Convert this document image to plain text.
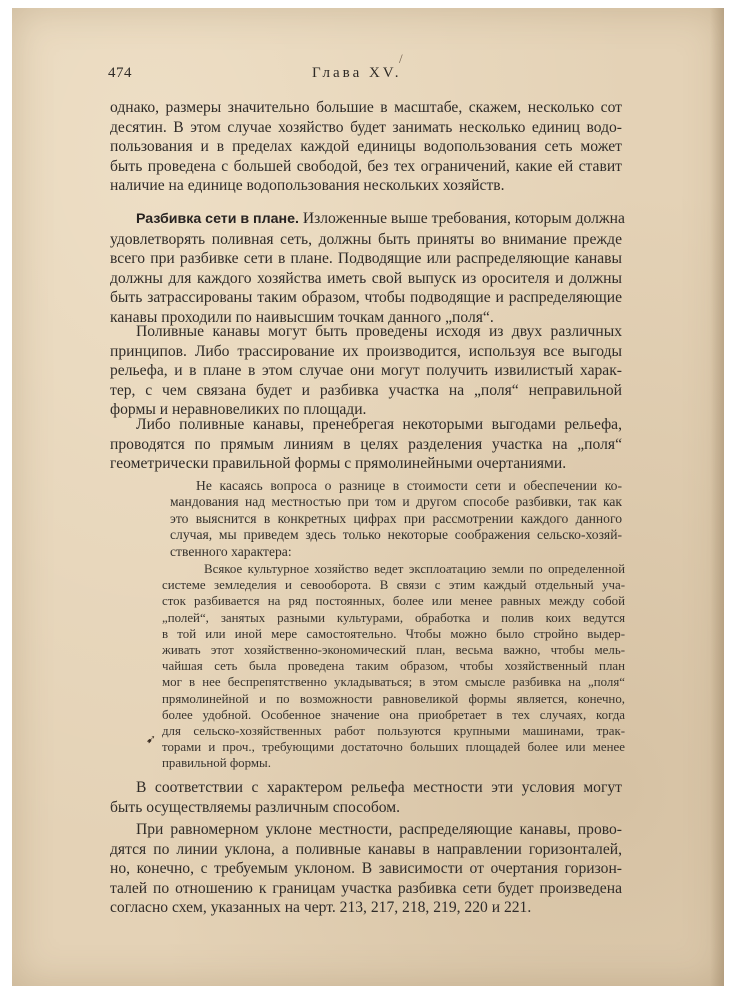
474	Глава XV.
/
однако, размеры значительно большие в масштабе, скажем, несколько сот
десятин. В этом случае хозяйство будет занимать несколько единиц водо-
пользования и в пределах каждой единицы водопользования сеть может
быть проведена с большей свободой, без тех ограничений, какие ей ставит
наличие на единице водопользования нескольких хозяйств.
Разбивка сети в плане. Изложенные выше требования, которым должна
удовлетворять поливная сеть, должны быть приняты во внимание прежде
всего при разбивке сети в плане. Подводящие или распределяющие канавы
должны для каждого хозяйства иметь свой выпуск из оросителя и должны
быть затрассированы таким образом, чтобы подводящие и распределяющие
канавы проходили по наивысшим точкам данного „поля“.
Поливные канавы могут быть проведены исходя из двух различных
принципов. Либо трассирование их производится, используя все выгоды
рельефа, и в плане в этом случае они могут получить извилистый харак-
тер, с чем связана будет и разбивка участка на „поля“ неправильной
формы и неравновеликих по площади.
Либо поливные канавы, пренебрегая некоторыми выгодами рельефа,
проводятся по прямым линиям в целях разделения участка на „поля“
геометрически правильной формы с прямолинейными очертаниями.
Не касаясь вопроса о разнице в стоимости сети и обеспечении ко-
мандования над местностью при том и другом способе разбивки, так как
это выяснится в конкретных цифрах при рассмотрении каждого данного
случая, мы приведем здесь только некоторые соображения сельско-хозяй-
ственного характера:
Всякое культурное хозяйство ведет эксплоатацию земли по определенной
системе земледелия и севооборота. В связи с этим каждый отдельный уча-
сток разбивается на ряд постоянных, более или менее равных между собой
„полей“, занятых разными культурами, обработка и полив коих ведутся
в той или иной мере самостоятельно. Чтобы можно было стройно выдер-
живать этот хозяйственно-экономический план, весьма важно, чтобы мель-
чайшая сеть была проведена таким образом, чтобы хозяйственный план
мог в нее беспрепятственно укладываться; в этом смысле разбивка на „поля“
прямолинейной и по возможности равновеликой формы является, конечно,
более удобной. Особенное значение она приобретает в тех случаях, когда
для сельско-хозяйственных работ пользуются крупными машинами, трак-
торами и проч., требующими достаточно больших площадей более или менее
правильной формы.
➹
В соответствии с характером рельефа местности эти условия могут
быть осуществляемы различным способом.
При равномерном уклоне местности, распределяющие канавы, прово-
дятся по линии уклона, а поливные канавы в направлении горизонталей,
но, конечно, с требуемым уклоном. В зависимости от очертания горизон-
талей по отношению к границам участка разбивка сети будет произведена
согласно схем, указанных на черт. 213, 217, 218, 219, 220 и 221.
